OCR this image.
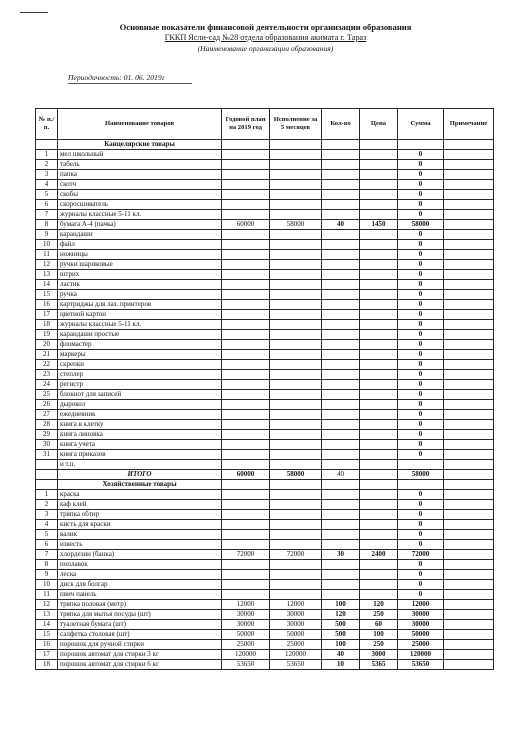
Основные показатели финансовой деятельности организации образования
ГККП Ясли-сад №28 отдела образования акимата г. Тараз
(Наименование организации образования)
Периодичность: 01. 06. 2019г
№ п./п.	Наименование товаров	Годовой план на 2019 год	Исполнение за 5 месяцев	Кол-во	Цена	Сумма	Примечание
	Канцелярские товары						
1	мел школьный					0	
2	табель					0	
3	папка					0	
4	скотч					0	
5	скобы					0	
6	скоросшиватель					0	
7	журналы классные 5-11 кл.					0	
8	бумага А-4 (пачка)	60000	58000	40	1450	58000	
9	карандаши					0	
10	файл					0	
11	ножницы					0	
12	ручки шариковые					0	
13	штрих					0	
14	ластик					0	
15	ручка					0	
16	картриджы для лаз. принтеров					0	
17	цветной картон					0	
18	журналы классные 5-11 кл.					0	
19	карандаши простые					0	
20	фломастер					0	
21	маркеры					0	
22	скрепки					0	
23	степлер					0	
24	регистр					0	
25	блокнот для записей					0	
26	дырокол					0	
27	ежедневник					0	
28	книга в клетку					0	
29	книга линовка					0	
30	книга учета					0	
31	книга приказов					0	
	и т.п.						
	ИТОГО	60000	58000	40		58000	
	Хозяйственные товары						
1	краска					0	
2	каф клей					0	
3	тряпка обтир					0	
4	кисть для краски					0	
5	валик					0	
6	известь					0	
7	хлордезин (банка)	72000	72000	30	2400	72000	
8	поплавок					0	
9	леска					0	
10	диск для болгар					0	
11	пвич панель					0	
12	тряпка половая (метр)	12000	12000	100	120	12000	
13	тряпка для мытья посуды (шт)	30000	30000	120	250	30000	
14	туалетная бумага (шт)	30000	30000	500	60	30000	
15	салфетка столовая (шт)	50000	50000	500	100	50000	
16	порошок для ручной стирки	25000	25000	100	250	25000	
17	порошок автомат для стирки 3 кг	120000	120000	40	3000	120000	
18	порошок автомат для стирки 6 кг	53650	53650	10	5365	53650	
